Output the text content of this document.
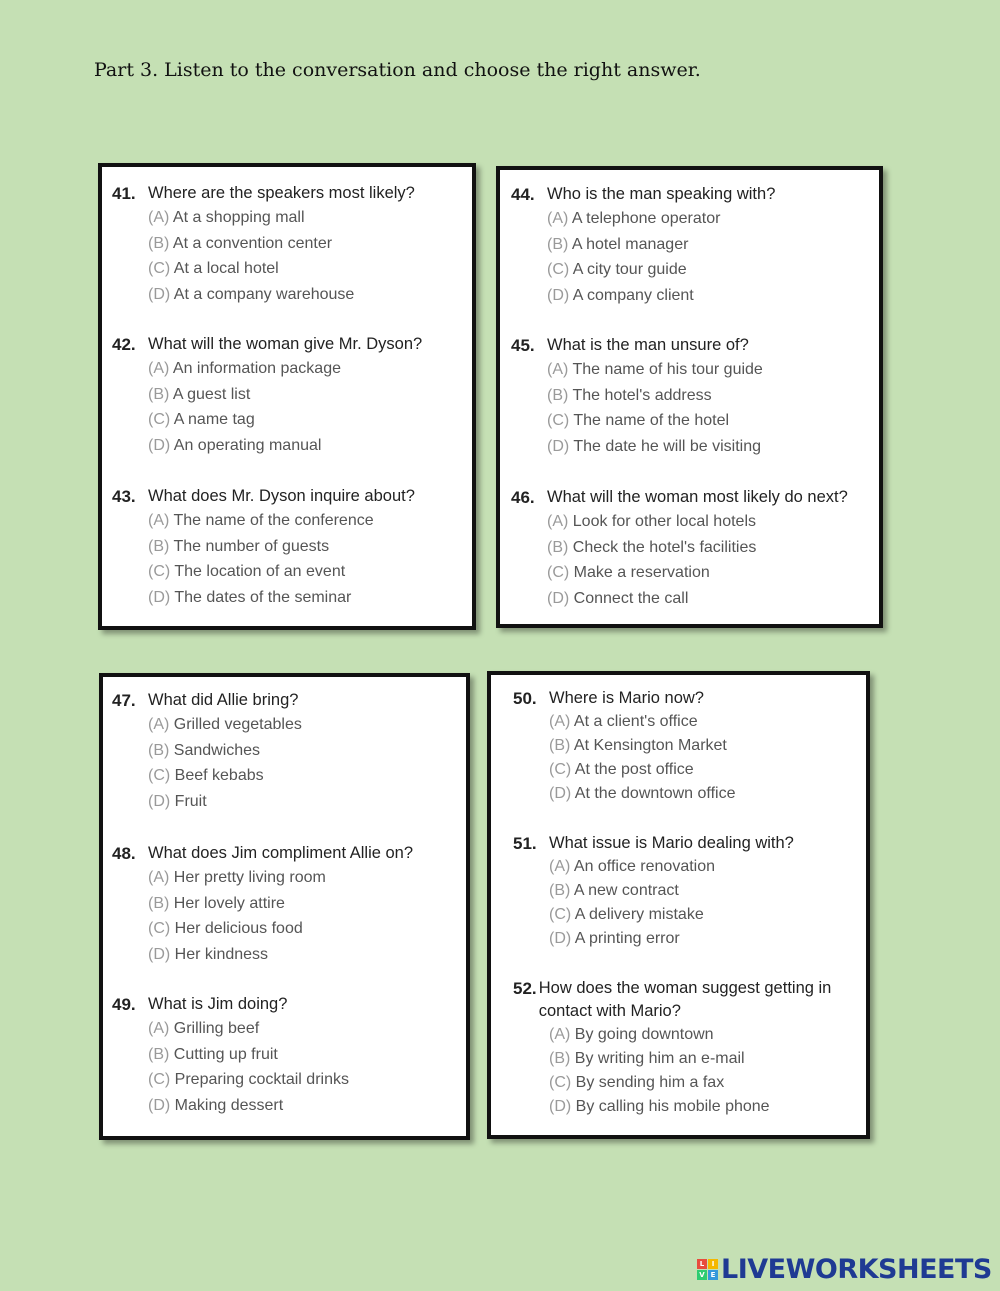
Part 3. Listen to the conversation and choose the right answer.
41. Where are the speakers most likely?
(A) At a shopping mall
(B) At a convention center
(C) At a local hotel
(D) At a company warehouse
42. What will the woman give Mr. Dyson?
(A) An information package
(B) A guest list
(C) A name tag
(D) An operating manual
43. What does Mr. Dyson inquire about?
(A) The name of the conference
(B) The number of guests
(C) The location of an event
(D) The dates of the seminar
44. Who is the man speaking with?
(A) A telephone operator
(B) A hotel manager
(C) A city tour guide
(D) A company client
45. What is the man unsure of?
(A) The name of his tour guide
(B) The hotel's address
(C) The name of the hotel
(D) The date he will be visiting
46. What will the woman most likely do next?
(A) Look for other local hotels
(B) Check the hotel's facilities
(C) Make a reservation
(D) Connect the call
47. What did Allie bring?
(A) Grilled vegetables
(B) Sandwiches
(C) Beef kebabs
(D) Fruit
48. What does Jim compliment Allie on?
(A) Her pretty living room
(B) Her lovely attire
(C) Her delicious food
(D) Her kindness
49. What is Jim doing?
(A) Grilling beef
(B) Cutting up fruit
(C) Preparing cocktail drinks
(D) Making dessert
50. Where is Mario now?
(A) At a client's office
(B) At Kensington Market
(C) At the post office
(D) At the downtown office
51. What issue is Mario dealing with?
(A) An office renovation
(B) A new contract
(C) A delivery mistake
(D) A printing error
52. How does the woman suggest getting in contact with Mario?
(A) By going downtown
(B) By writing him an e-mail
(C) By sending him a fax
(D) By calling his mobile phone
L	I
V E LIVEWORKSHEETS
